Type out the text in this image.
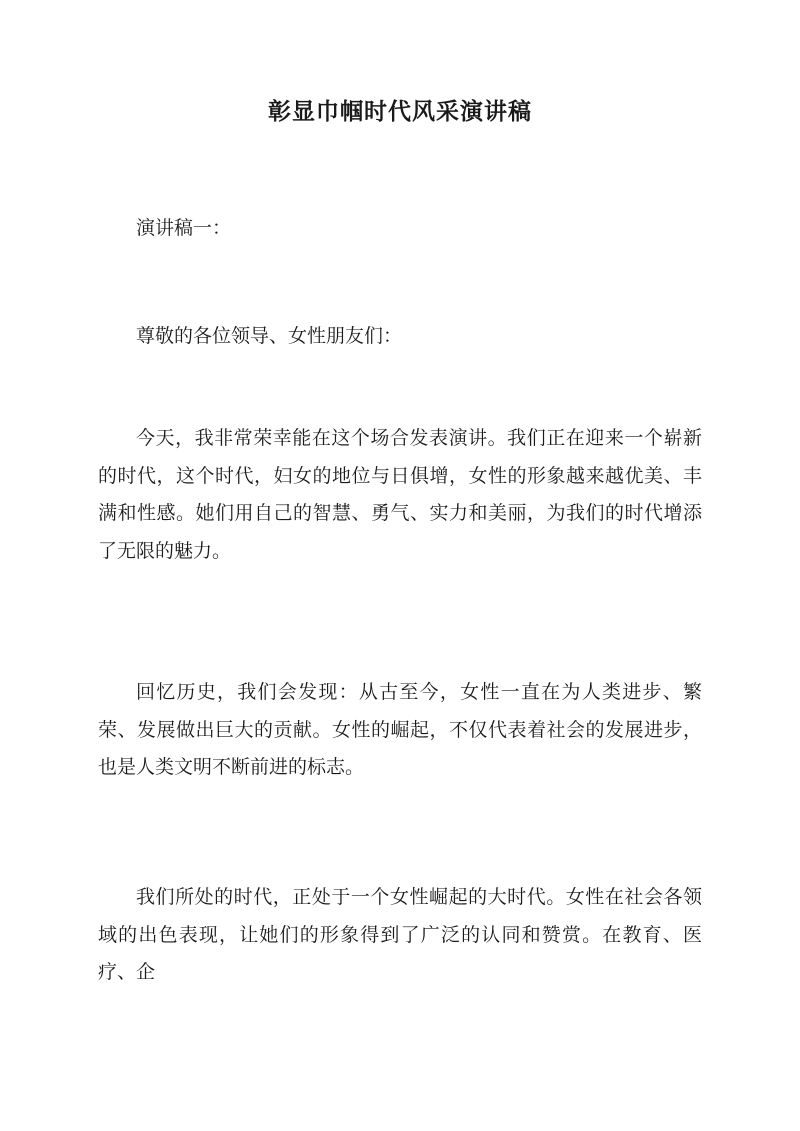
彰显巾帼时代风采演讲稿

演讲稿一：

尊敬的各位领导、女性朋友们：

今天，我非常荣幸能在这个场合发表演讲。我们正在迎来一个崭新的时代，这个时代，妇女的地位与日俱增，女性的形象越来越优美、丰满和性感。她们用自己的智慧、勇气、实力和美丽，为我们的时代增添了无限的魅力。

回忆历史，我们会发现：从古至今，女性一直在为人类进步、繁荣、发展做出巨大的贡献。女性的崛起，不仅代表着社会的发展进步，也是人类文明不断前进的标志。

我们所处的时代，正处于一个女性崛起的大时代。女性在社会各领域的出色表现，让她们的形象得到了广泛的认同和赞赏。在教育、医疗、企
